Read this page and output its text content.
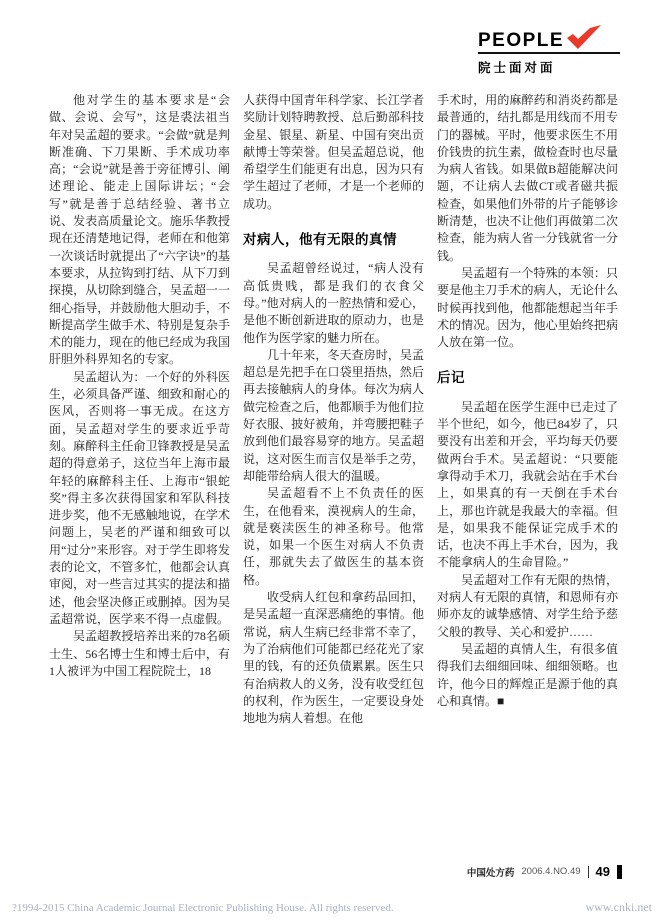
PEOPLE
院士面对面

他对学生的基本要求是“会做、会说、会写”，这是裘法祖当年对吴孟超的要求。“会做”就是判断准确、下刀果断、手术成功率高；“会说”就是善于旁征博引、阐述理论、能走上国际讲坛；“会写”就是善于总结经验、著书立说、发表高质量论文。施乐华教授现在还清楚地记得，老师在和他第一次谈话时就提出了“六字诀”的基本要求，从拉钩到打结、从下刀到探摸，从切除到缝合，吴孟超一一细心指导，并鼓励他大胆动手，不断提高学生做手术、特别是复杂手术的能力，现在的他已经成为我国肝胆外科界知名的专家。

吴孟超认为：一个好的外科医生，必须具备严谨、细致和耐心的医风，否则将一事无成。在这方面，吴孟超对学生的要求近乎苛刻。麻醉科主任俞卫锋教授是吴孟超的得意弟子，这位当年上海市最年轻的麻醉科主任、上海市“银蛇奖”得主多次获得国家和军队科技进步奖，他不无感触地说，在学术问题上，吴老的严谨和细致可以用“过分”来形容。对于学生即将发表的论文，不管多忙，他都会认真审阅，对一些言过其实的提法和描述，他会坚决修正或删掉。因为吴孟超常说，医学来不得一点虚假。

吴孟超教授培养出来的78名硕士生、56名博士生和博士后中，有1人被评为中国工程院院士，18

人获得中国青年科学家、长江学者奖励计划特聘教授、总后勤部科技金星、银星、新星、中国有突出贡献博士等荣誉。但吴孟超总说，他希望学生们能更有出息，因为只有学生超过了老师，才是一个老师的成功。

对病人，他有无限的真情

吴孟超曾经说过，“病人没有高低贵贱，都是我们的衣食父母。”他对病人的一腔热情和爱心，是他不断创新进取的原动力，也是他作为医学家的魅力所在。

几十年来，冬天查房时，吴孟超总是先把手在口袋里捂热，然后再去接触病人的身体。每次为病人做完检查之后，他都顺手为他们拉好衣服、披好被角，并弯腰把鞋子放到他们最容易穿的地方。吴孟超说，这对医生而言仅是举手之劳，却能带给病人很大的温暖。

吴孟超看不上不负责任的医生，在他看来，漠视病人的生命，就是亵渎医生的神圣称号。他常说，如果一个医生对病人不负责任，那就失去了做医生的基本资格。

收受病人红包和拿药品回扣，是吴孟超一直深恶痛绝的事情。他常说，病人生病已经非常不幸了，为了治病他们可能都已经花光了家里的钱，有的还负债累累。医生只有治病救人的义务，没有收受红包的权利，作为医生，一定要设身处地地为病人着想。在他

手术时，用的麻醉药和消炎药都是最普通的，结扎都是用线而不用专门的器械。平时，他要求医生不用价钱贵的抗生素，做检查时也尽量为病人省钱。如果做B超能解决问题，不让病人去做CT或者磁共振检查，如果他们外带的片子能够诊断清楚，也决不让他们再做第二次检查，能为病人省一分钱就省一分钱。

吴孟超有一个特殊的本领：只要是他主刀手术的病人，无论什么时候再找到他，他都能想起当年手术的情况。因为，他心里始终把病人放在第一位。

后记

吴孟超在医学生涯中已走过了半个世纪，如今，他已84岁了，只要没有出差和开会，平均每天仍要做两台手术。吴孟超说：“只要能拿得动手术刀，我就会站在手术台上，如果真的有一天倒在手术台上，那也许就是我最大的幸福。但是，如果我不能保证完成手术的话，也决不再上手术台，因为，我不能拿病人的生命冒险。”

吴孟超对工作有无限的热情，对病人有无限的真情，和恩师有亦师亦友的诚挚感情、对学生给予慈父般的教导、关心和爱护……

吴孟超的真情人生，有很多值得我们去细细回味、细细领略。也许，他今日的辉煌正是源于他的真心和真情。■

中国处方药 2006.4.NO.49 49
?1994-2015 China Academic Journal Electronic Publishing House. All rights reserved.	www.cnki.net
